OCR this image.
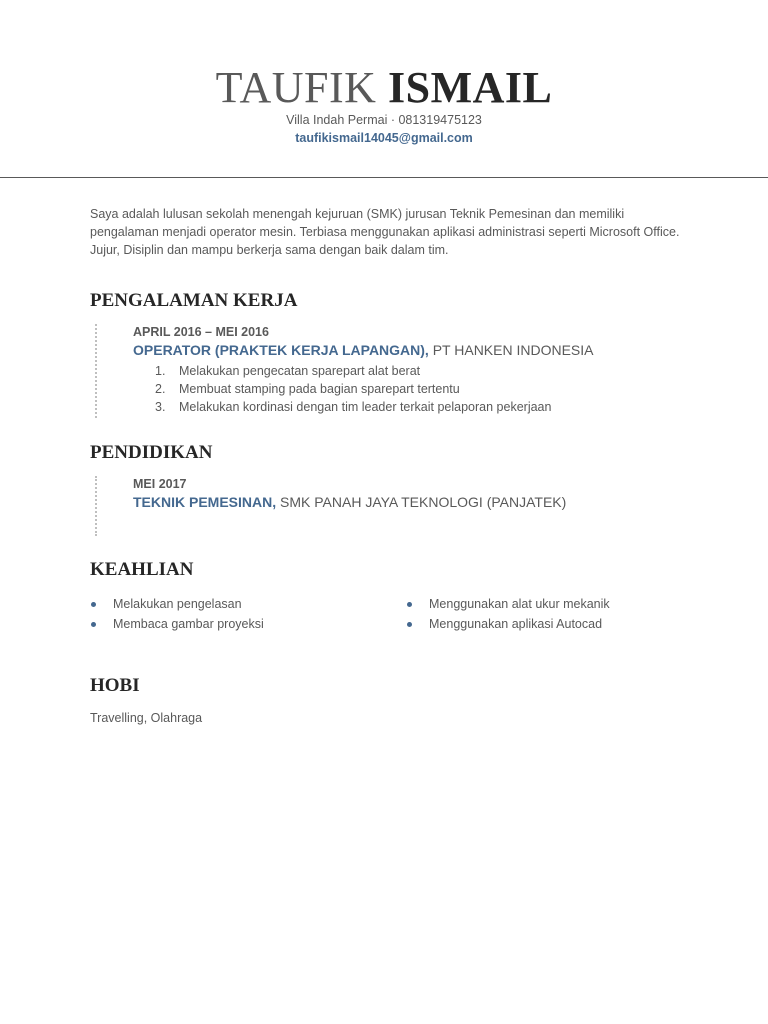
TAUFIK ISMAIL
Villa Indah Permai · 081319475123
taufikismail14045@gmail.com

Saya adalah lulusan sekolah menengah kejuruan (SMK) jurusan Teknik Pemesinan dan memiliki pengalaman menjadi operator mesin. Terbiasa menggunakan aplikasi administrasi seperti Microsoft Office. Jujur, Disiplin dan mampu berkerja sama dengan baik dalam tim.

PENGALAMAN KERJA
APRIL 2016 – MEI 2016
OPERATOR (PRAKTEK KERJA LAPANGAN), PT HANKEN INDONESIA
1. Melakukan pengecatan sparepart alat berat
2. Membuat stamping pada bagian sparepart tertentu
3. Melakukan kordinasi dengan tim leader terkait pelaporan pekerjaan
PENDIDIKAN
MEI 2017
TEKNIK PEMESINAN, SMK PANAH JAYA TEKNOLOGI (PANJATEK)
KEAHLIAN
Melakukan pengelasan
Membaca gambar proyeksi
Menggunakan alat ukur mekanik
Menggunakan aplikasi Autocad
HOBI

Travelling, Olahraga
